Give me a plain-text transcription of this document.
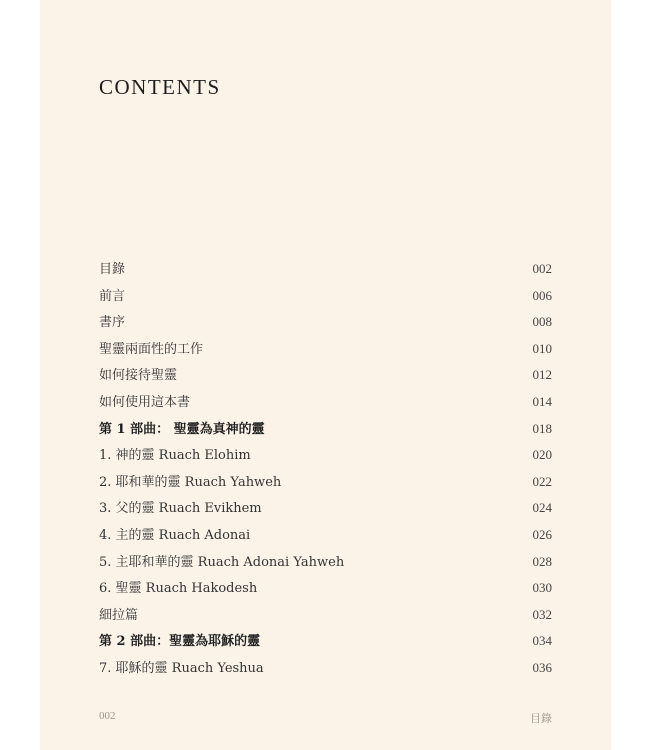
CONTENTS
目錄	002
前言	006
書序	008
聖靈兩面性的工作	010
如何接待聖靈	012
如何使用這本書	014
第 1 部曲： 聖靈為真神的靈	018
1. 神的靈 Ruach Elohim	020
2. 耶和華的靈 Ruach Yahweh	022
3. 父的靈 Ruach Evikhem	024
4. 主的靈 Ruach Adonai	026
5. 主耶和華的靈 Ruach Adonai Yahweh	028
6. 聖靈 Ruach Hakodesh	030
細拉篇	032
第 2 部曲：聖靈為耶穌的靈	034
7. 耶穌的靈 Ruach Yeshua	036
002	目錄
